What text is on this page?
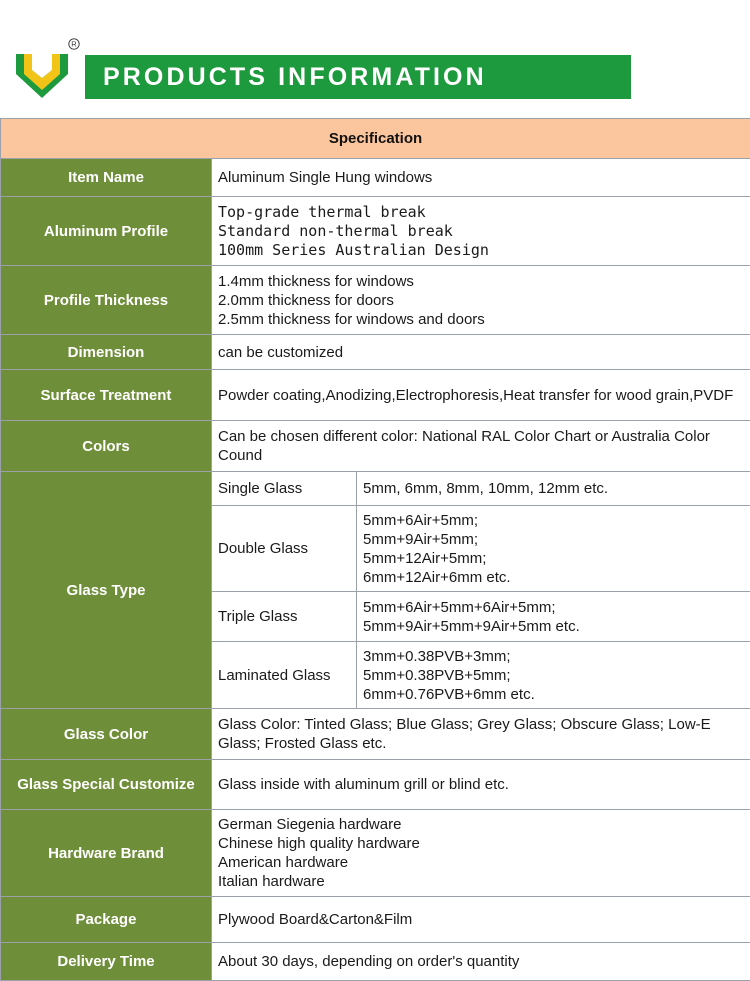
R
PRODUCTS INFORMATION
Specification		
Item Name	Aluminum Single Hung windows	
Aluminum Profile	Top-grade thermal break
Standard non-thermal break
100mm Series Australian Design	
Profile Thickness	1.4mm thickness for windows
2.0mm thickness for doors
2.5mm thickness for windows and doors	
Dimension	can be customized	
Surface Treatment	Powder coating,Anodizing,Electrophoresis,Heat transfer for wood grain,PVDF	
Colors	Can be chosen different color: National RAL Color Chart or Australia Color Cound	
Glass Type	Single Glass	5mm, 6mm, 8mm, 10mm, 12mm etc.
	Double Glass	5mm+6Air+5mm;
5mm+9Air+5mm;
5mm+12Air+5mm;
6mm+12Air+6mm etc.
	Triple Glass	5mm+6Air+5mm+6Air+5mm;
5mm+9Air+5mm+9Air+5mm etc.
	Laminated Glass	3mm+0.38PVB+3mm;
5mm+0.38PVB+5mm;
6mm+0.76PVB+6mm etc.
Glass Color	Glass Color: Tinted Glass; Blue Glass; Grey Glass; Obscure Glass; Low-E Glass; Frosted Glass etc.	
Glass Special Customize	Glass inside with aluminum grill or blind etc.	
Hardware Brand	German Siegenia hardware
Chinese high quality hardware
American hardware
Italian hardware	
Package	Plywood Board&Carton&Film	
Delivery Time	About 30 days, depending on order's quantity	
